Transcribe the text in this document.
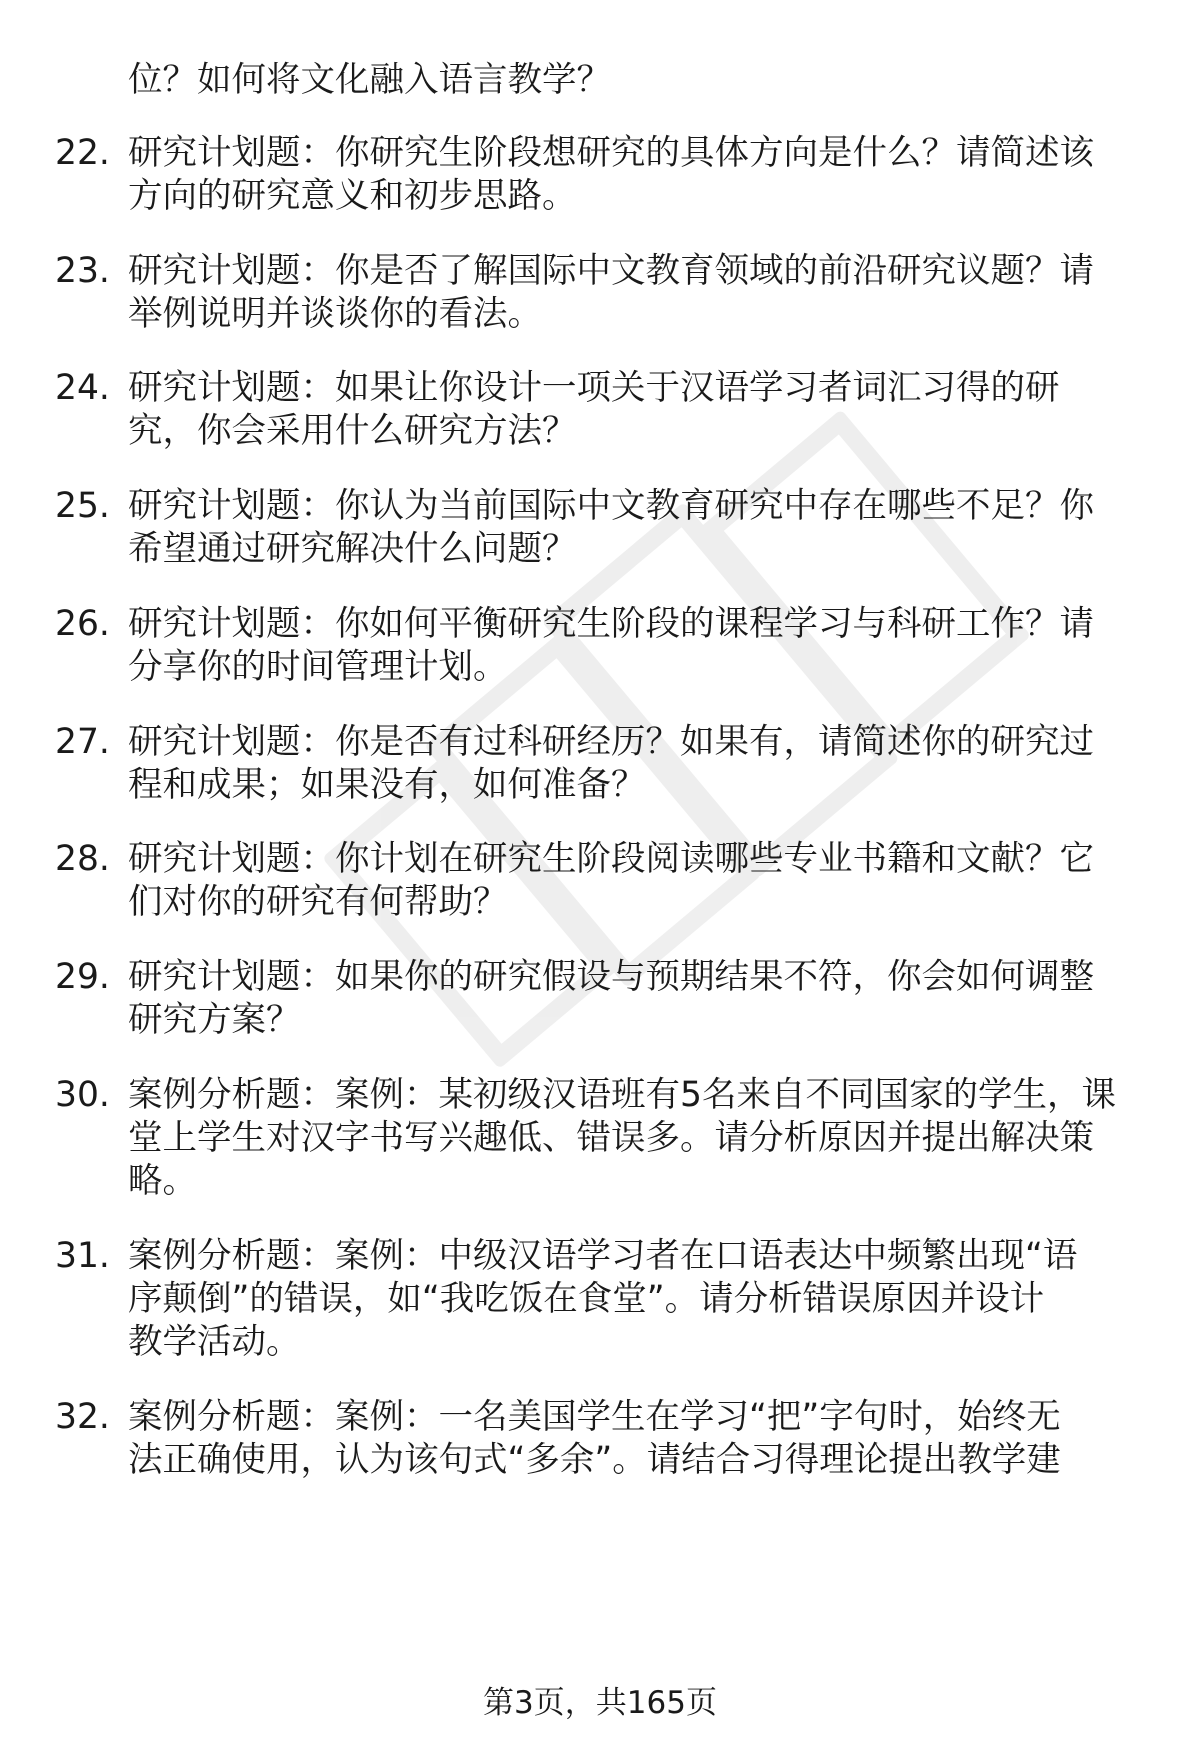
位？如何将文化融入语言教学？
22. 研究计划题：你研究生阶段想研究的具体方向是什么？请简述该
方向的研究意义和初步思路。
23. 研究计划题：你是否了解国际中文教育领域的前沿研究议题？请
举例说明并谈谈你的看法。
24. 研究计划题：如果让你设计一项关于汉语学习者词汇习得的研
究，你会采用什么研究方法？
25. 研究计划题：你认为当前国际中文教育研究中存在哪些不足？你
希望通过研究解决什么问题？
26. 研究计划题：你如何平衡研究生阶段的课程学习与科研工作？请
分享你的时间管理计划。
27. 研究计划题：你是否有过科研经历？如果有，请简述你的研究过
程和成果；如果没有，如何准备？
28. 研究计划题：你计划在研究生阶段阅读哪些专业书籍和文献？它
们对你的研究有何帮助？
29. 研究计划题：如果你的研究假设与预期结果不符，你会如何调整
研究方案？
30. 案例分析题：案例：某初级汉语班有5名来自不同国家的学生，课
堂上学生对汉字书写兴趣低、错误多。请分析原因并提出解决策
略。
31. 案例分析题：案例：中级汉语学习者在口语表达中频繁出现“语
序颠倒”的错误，如“我吃饭在食堂”。请分析错误原因并设计
教学活动。
32. 案例分析题：案例：一名美国学生在学习“把”字句时，始终无
法正确使用，认为该句式“多余”。请结合习得理论提出教学建
第3页，共165页
